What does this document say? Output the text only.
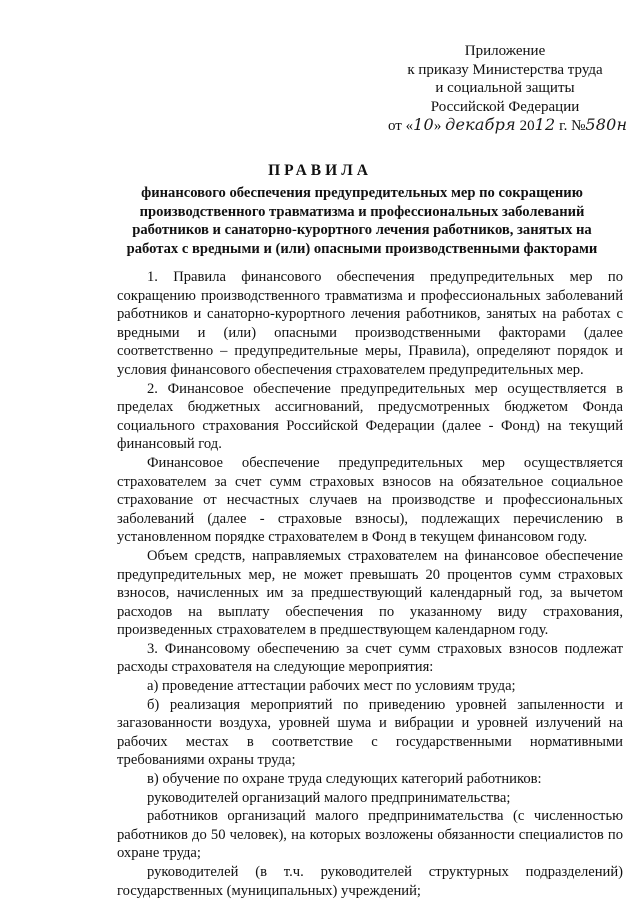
Приложение
к приказу Министерства труда
и социальной защиты
Российской Федерации
от «10» декабря 2012 г. №580н
ПРАВИЛА
финансового обеспечения предупредительных мер по сокращению производственного травматизма и профессиональных заболеваний работников и санаторно-курортного лечения работников, занятых на работах с вредными и (или) опасными производственными факторами

1. Правила финансового обеспечения предупредительных мер по сокращению производственного травматизма и профессиональных заболеваний работников и санаторно-курортного лечения работников, занятых на работах с вредными и (или) опасными производственными факторами (далее соответственно – предупредительные меры, Правила), определяют порядок и условия финансового обеспечения страхователем предупредительных мер.

2. Финансовое обеспечение предупредительных мер осуществляется в пределах бюджетных ассигнований, предусмотренных бюджетом Фонда социального страхования Российской Федерации (далее - Фонд) на текущий финансовый год.

Финансовое обеспечение предупредительных мер осуществляется страхователем за счет сумм страховых взносов на обязательное социальное страхование от несчастных случаев на производстве и профессиональных заболеваний (далее - страховые взносы), подлежащих перечислению в установленном порядке страхователем в Фонд в текущем финансовом году.

Объем средств, направляемых страхователем на финансовое обеспечение предупредительных мер, не может превышать 20 процентов сумм страховых взносов, начисленных им за предшествующий календарный год, за вычетом расходов на выплату обеспечения по указанному виду страхования, произведенных страхователем в предшествующем календарном году.

3. Финансовому обеспечению за счет сумм страховых взносов подлежат расходы страхователя на следующие мероприятия:

а) проведение аттестации рабочих мест по условиям труда;

б) реализация мероприятий по приведению уровней запыленности и загазованности воздуха, уровней шума и вибрации и уровней излучений на рабочих местах в соответствие с государственными нормативными требованиями охраны труда;

в) обучение по охране труда следующих категорий работников:

руководителей организаций малого предпринимательства;

работников организаций малого предпринимательства (с численностью работников до 50 человек), на которых возложены обязанности специалистов по охране труда;

руководителей (в т.ч. руководителей структурных подразделений) государственных (муниципальных) учреждений;
